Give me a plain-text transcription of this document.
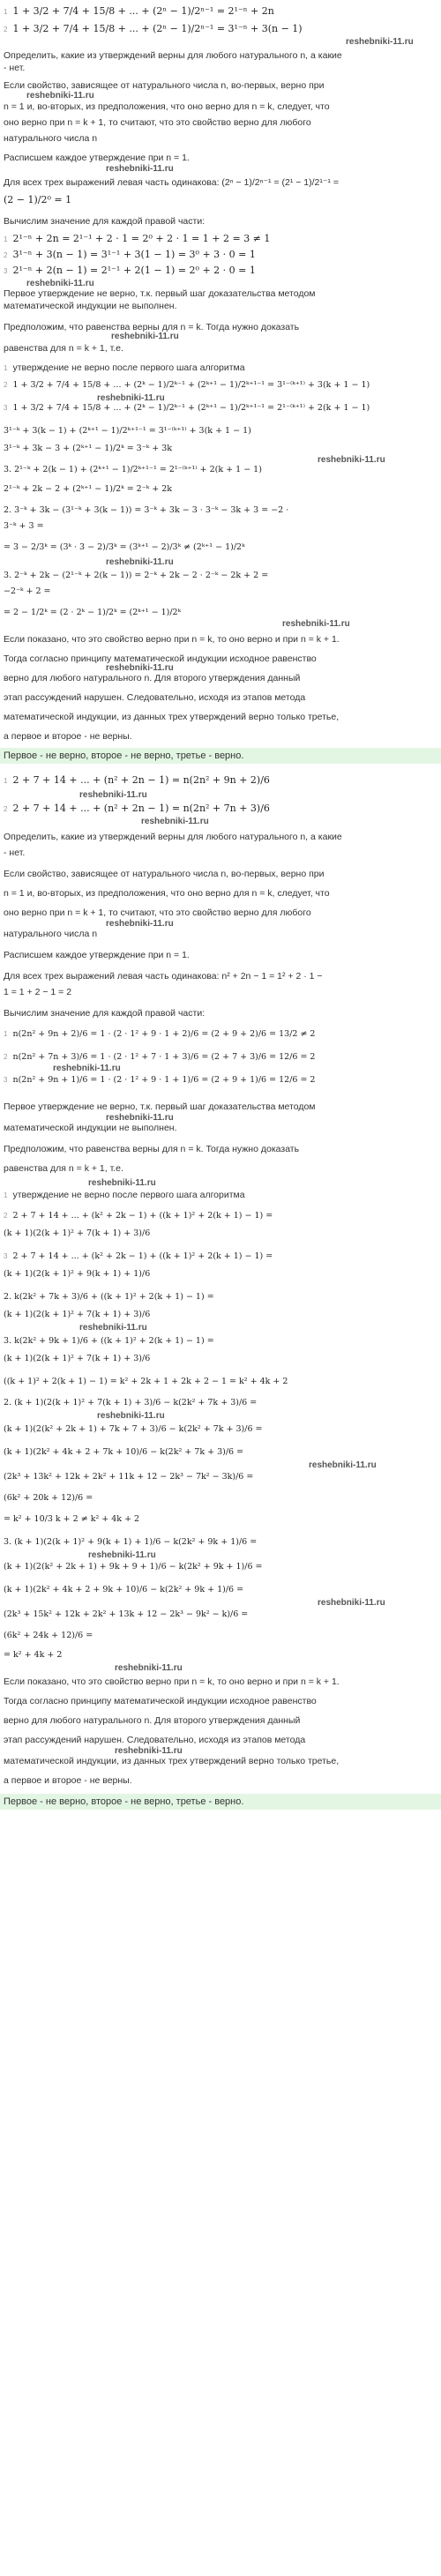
1 1 + 3/2 + 7/4 + 15/8 + ... + (2ⁿ − 1)/2ⁿ⁻¹ = 2¹⁻ⁿ + 2n
2 1 + 3/2 + 7/4 + 15/8 + ... + (2ⁿ − 1)/2ⁿ⁻¹ = 3¹⁻ⁿ + 3(n − 1)
reshebniki-11.ru
Определить, какие из утверждений верны для любого натурального n, а какие
- нет.
Если свойство, зависящее от натурального числа n, во-первых, верно при
reshebniki-11.ru
n = 1 и, во-вторых, из предположения, что оно верно для n = k, следует, что
оно верно при n = k + 1, то считают, что это свойство верно для любого
натурального числа n
Расписшем каждое утверждение при n = 1.
reshebniki-11.ru
Для всех трех выражений левая часть одинакова: (2ⁿ − 1)/2ⁿ⁻¹ = (2¹ − 1)/2¹⁻¹ =
(2 − 1)/2⁰ = 1
Вычислим значение для каждой правой части:
1 2¹⁻ⁿ + 2n = 2¹⁻¹ + 2 · 1 = 2⁰ + 2 · 1 = 1 + 2 = 3 ≠ 1
2 3¹⁻ⁿ + 3(n − 1) = 3¹⁻¹ + 3(1 − 1) = 3⁰ + 3 · 0 = 1
3 2¹⁻ⁿ + 2(n − 1) = 2¹⁻¹ + 2(1 − 1) = 2⁰ + 2 · 0 = 1
reshebniki-11.ru
Первое утверждение не верно, т.к. первый шаг доказательства методом
математической индукции не выполнен.
Предположим, что равенства верны для n = k. Тогда нужно доказать
reshebniki-11.ru
равенства для n = k + 1, т.е.
1 утверждение не верно после первого шага алгоритма
2 1 + 3/2 + 7/4 + 15/8 + ... + (2ᵏ − 1)/2ᵏ⁻¹ + (2ᵏ⁺¹ − 1)/2ᵏ⁺¹⁻¹ = 3¹⁻⁽ᵏ⁺¹⁾ + 3(k + 1 − 1)
reshebniki-11.ru
3 1 + 3/2 + 7/4 + 15/8 + ... + (2ᵏ − 1)/2ᵏ⁻¹ + (2ᵏ⁺¹ − 1)/2ᵏ⁺¹⁻¹ = 2¹⁻⁽ᵏ⁺¹⁾ + 2(k + 1 − 1)
3¹⁻ᵏ + 3(k − 1) + (2ᵏ⁺¹ − 1)/2ᵏ⁺¹⁻¹ = 3¹⁻⁽ᵏ⁺¹⁾ + 3(k + 1 − 1)
3¹⁻ᵏ + 3k − 3 + (2ᵏ⁺¹ − 1)/2ᵏ = 3⁻ᵏ + 3k
reshebniki-11.ru
3. 2¹⁻ᵏ + 2(k − 1) + (2ᵏ⁺¹ − 1)/2ᵏ⁺¹⁻¹ = 2¹⁻⁽ᵏ⁺¹⁾ + 2(k + 1 − 1)
2¹⁻ᵏ + 2k − 2 + (2ᵏ⁺¹ − 1)/2ᵏ = 2⁻ᵏ + 2k
2. 3⁻ᵏ + 3k − (3¹⁻ᵏ + 3(k − 1)) = 3⁻ᵏ + 3k − 3 · 3⁻ᵏ − 3k + 3 = −2 ·
3⁻ᵏ + 3 =
= 3 − 2/3ᵏ = (3ᵏ · 3 − 2)/3ᵏ = (3ᵏ⁺¹ − 2)/3ᵏ ≠ (2ᵏ⁺¹ − 1)/2ᵏ
reshebniki-11.ru
3. 2⁻ᵏ + 2k − (2¹⁻ᵏ + 2(k − 1)) = 2⁻ᵏ + 2k − 2 · 2⁻ᵏ − 2k + 2 =
−2⁻ᵏ + 2 =
= 2 − 1/2ᵏ = (2 · 2ᵏ − 1)/2ᵏ = (2ᵏ⁺¹ − 1)/2ᵏ
reshebniki-11.ru
Если показано, что это свойство верно при n = k, то оно верно и при n = k + 1.
Тогда согласно принципу математической индукции исходное равенство
reshebniki-11.ru
верно для любого натурального n. Для второго утверждения данный
этап рассуждений нарушен. Следовательно, исходя из этапов метода
математической индукции, из данных трех утверждений верно только третье,
а первое и второе - не верны.
Первое - не верно, второе - не верно, третье - верно.
1 2 + 7 + 14 + ... + (n² + 2n − 1) = n(2n² + 9n + 2)/6
reshebniki-11.ru
2 2 + 7 + 14 + ... + (n² + 2n − 1) = n(2n² + 7n + 3)/6
reshebniki-11.ru
Определить, какие из утверждений верны для любого натурального n, а какие
- нет.
Если свойство, зависящее от натурального числа n, во-первых, верно при
n = 1 и, во-вторых, из предположения, что оно верно для n = k, следует, что
оно верно при n = k + 1, то считают, что это свойство верно для любого
reshebniki-11.ru
натурального числа n
Расписшем каждое утверждение при n = 1.
Для всех трех выражений левая часть одинакова: n² + 2n − 1 = 1² + 2 · 1 −
1 = 1 + 2 − 1 = 2
Вычислим значение для каждой правой части:
1 n(2n² + 9n + 2)/6 = 1 · (2 · 1² + 9 · 1 + 2)/6 = (2 + 9 + 2)/6 = 13/2 ≠ 2
2 n(2n² + 7n + 3)/6 = 1 · (2 · 1² + 7 · 1 + 3)/6 = (2 + 7 + 3)/6 = 12/6 = 2
reshebniki-11.ru
3 n(2n² + 9n + 1)/6 = 1 · (2 · 1² + 9 · 1 + 1)/6 = (2 + 9 + 1)/6 = 12/6 = 2
Первое утверждение не верно, т.к. первый шаг доказательства методом
reshebniki-11.ru
математической индукции не выполнен.
Предположим, что равенства верны для n = k. Тогда нужно доказать
равенства для n = k + 1, т.е.
reshebniki-11.ru
1 утверждение не верно после первого шага алгоритма
2 2 + 7 + 14 + ... + (k² + 2k − 1) + ((k + 1)² + 2(k + 1) − 1) =
(k + 1)(2(k + 1)² + 7(k + 1) + 3)/6
3 2 + 7 + 14 + ... + (k² + 2k − 1) + ((k + 1)² + 2(k + 1) − 1) =
(k + 1)(2(k + 1)² + 9(k + 1) + 1)/6
2. k(2k² + 7k + 3)/6 + ((k + 1)² + 2(k + 1) − 1) =
(k + 1)(2(k + 1)² + 7(k + 1) + 3)/6
reshebniki-11.ru
3. k(2k² + 9k + 1)/6 + ((k + 1)² + 2(k + 1) − 1) =
(k + 1)(2(k + 1)² + 7(k + 1) + 3)/6
((k + 1)² + 2(k + 1) − 1) = k² + 2k + 1 + 2k + 2 − 1 = k² + 4k + 2
2. (k + 1)(2(k + 1)² + 7(k + 1) + 3)/6 − k(2k² + 7k + 3)/6 =
reshebniki-11.ru
(k + 1)(2(k² + 2k + 1) + 7k + 7 + 3)/6 − k(2k² + 7k + 3)/6 =
(k + 1)(2k² + 4k + 2 + 7k + 10)/6 − k(2k² + 7k + 3)/6 =
reshebniki-11.ru
(2k³ + 13k² + 12k + 2k² + 11k + 12 − 2k³ − 7k² − 3k)/6 =
(6k² + 20k + 12)/6 =
= k² + 10/3 k + 2 ≠ k² + 4k + 2
3. (k + 1)(2(k + 1)² + 9(k + 1) + 1)/6 − k(2k² + 9k + 1)/6 =
reshebniki-11.ru
(k + 1)(2(k² + 2k + 1) + 9k + 9 + 1)/6 − k(2k² + 9k + 1)/6 =
(k + 1)(2k² + 4k + 2 + 9k + 10)/6 − k(2k² + 9k + 1)/6 =
reshebniki-11.ru
(2k³ + 15k² + 12k + 2k² + 13k + 12 − 2k³ − 9k² − k)/6 =
(6k² + 24k + 12)/6 =
= k² + 4k + 2
reshebniki-11.ru
Если показано, что это свойство верно при n = k, то оно верно и при n = k + 1.
Тогда согласно принципу математической индукции исходное равенство
верно для любого натурального n. Для второго утверждения данный
этап рассуждений нарушен. Следовательно, исходя из этапов метода
reshebniki-11.ru
математической индукции, из данных трех утверждений верно только третье,
а первое и второе - не верны.
Первое - не верно, второе - не верно, третье - верно.
